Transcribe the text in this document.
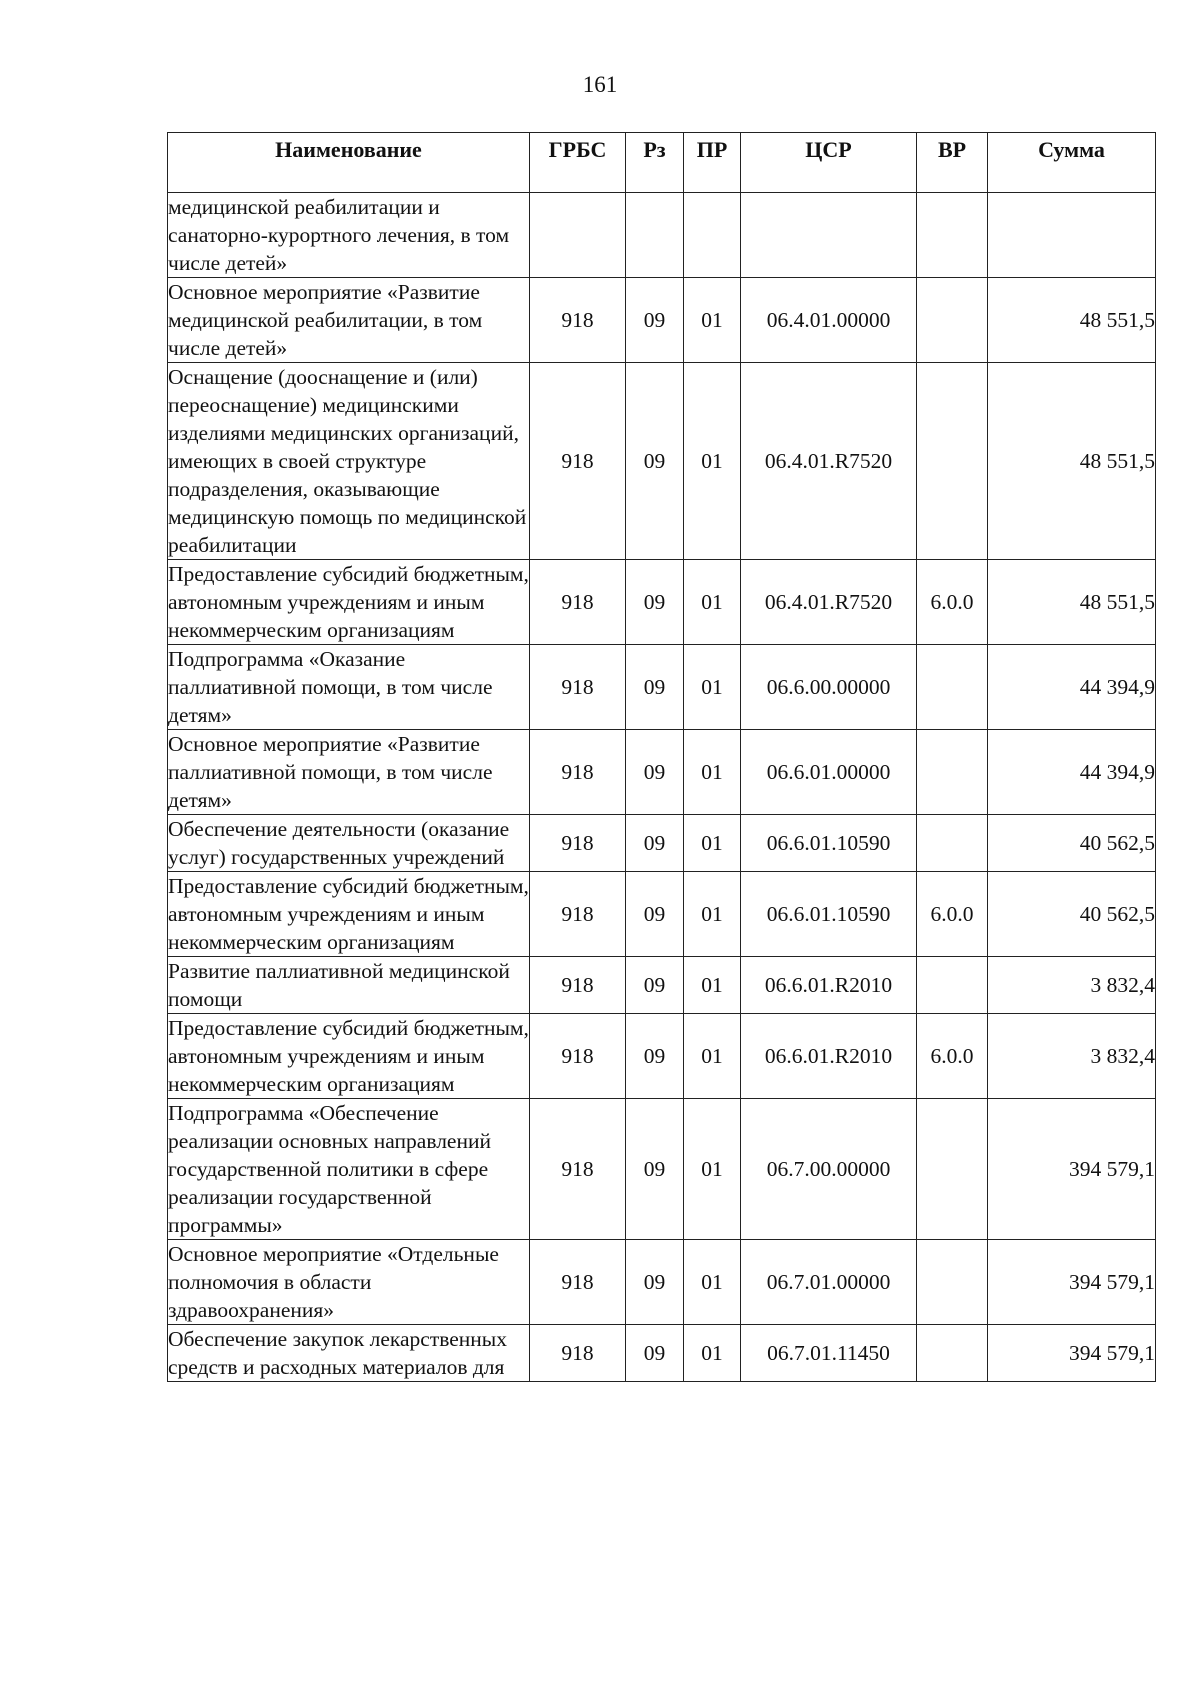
161
Наименование	ГРБС	Рз	ПР	ЦСР	ВР	Сумма
медицинской реабилитации и санаторно-курортного лечения, в том числе детей»						
Основное мероприятие «Развитие медицинской реабилитации, в том числе детей»	918	09	01	06.4.01.00000		48 551,5
Оснащение (дооснащение и (или) переоснащение) медицинскими изделиями медицинских организаций, имеющих в своей структуре подразделения, оказывающие медицинскую помощь по медицинской реабилитации	918	09	01	06.4.01.R7520		48 551,5
Предоставление субсидий бюджетным, автономным учреждениям и иным некоммерческим организациям	918	09	01	06.4.01.R7520	6.0.0	48 551,5
Подпрограмма «Оказание паллиативной помощи, в том числе детям»	918	09	01	06.6.00.00000		44 394,9
Основное мероприятие «Развитие паллиативной помощи, в том числе детям»	918	09	01	06.6.01.00000		44 394,9
Обеспечение деятельности (оказание услуг) государственных учреждений	918	09	01	06.6.01.10590		40 562,5
Предоставление субсидий бюджетным, автономным учреждениям и иным некоммерческим организациям	918	09	01	06.6.01.10590	6.0.0	40 562,5
Развитие паллиативной медицинской помощи	918	09	01	06.6.01.R2010		3 832,4
Предоставление субсидий бюджетным, автономным учреждениям и иным некоммерческим организациям	918	09	01	06.6.01.R2010	6.0.0	3 832,4
Подпрограмма «Обеспечение реализации основных направлений государственной политики в сфере реализации государственной программы»	918	09	01	06.7.00.00000		394 579,1
Основное мероприятие «Отдельные полномочия в области здравоохранения»	918	09	01	06.7.01.00000		394 579,1
Обеспечение закупок лекарственных средств и расходных материалов для	918	09	01	06.7.01.11450		394 579,1
